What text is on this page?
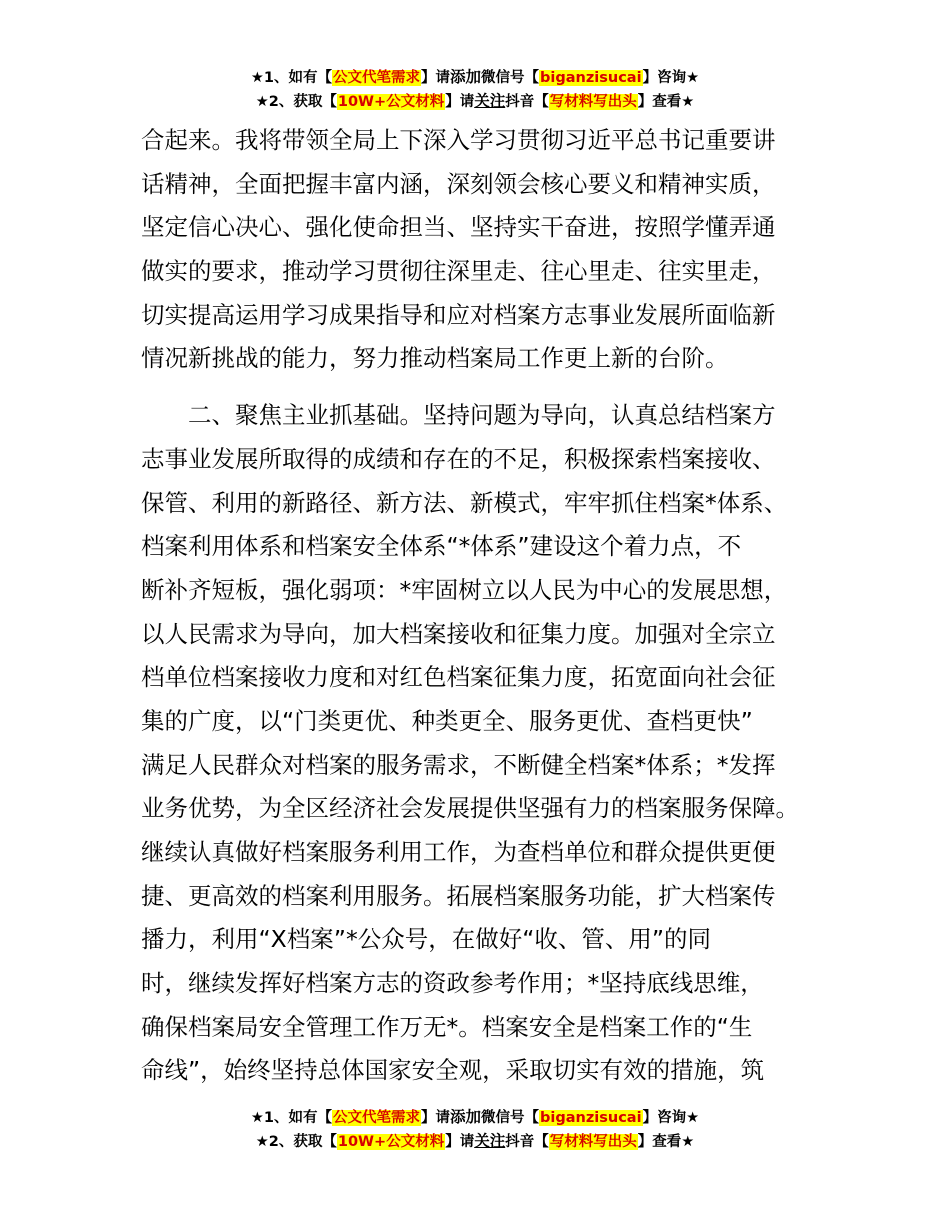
★1、如有【公文代笔需求】请添加微信号【biganzisucai】咨询★
★2、获取【10W+公文材料】请关注抖音【写材料写出头】查看★
合起来。我将带领全局上下深入学习贯彻习近平总书记重要讲
话精神，全面把握丰富内涵，深刻领会核心要义和精神实质，
坚定信心决心、强化使命担当、坚持实干奋进，按照学懂弄通
做实的要求，推动学习贯彻往深里走、往心里走、往实里走，
切实提高运用学习成果指导和应对档案方志事业发展所面临新
情况新挑战的能力，努力推动档案局工作更上新的台阶。
二、聚焦主业抓基础。坚持问题为导向，认真总结档案方
志事业发展所取得的成绩和存在的不足，积极探索档案接收、
保管、利用的新路径、新方法、新模式，牢牢抓住档案*体系、
档案利用体系和档案安全体系“*体系”建设这个着力点，不
断补齐短板，强化弱项：*牢固树立以人民为中心的发展思想，
以人民需求为导向，加大档案接收和征集力度。加强对全宗立
档单位档案接收力度和对红色档案征集力度，拓宽面向社会征
集的广度，以“门类更优、种类更全、服务更优、查档更快”
满足人民群众对档案的服务需求，不断健全档案*体系；*发挥
业务优势，为全区经济社会发展提供坚强有力的档案服务保障。
继续认真做好档案服务利用工作，为查档单位和群众提供更便
捷、更高效的档案利用服务。拓展档案服务功能，扩大档案传
播力，利用“X档案”*公众号，在做好“收、管、用”的同
时，继续发挥好档案方志的资政参考作用；*坚持底线思维，
确保档案局安全管理工作万无*。档案安全是档案工作的“生
命线”，始终坚持总体国家安全观，采取切实有效的措施，筑
★1、如有【公文代笔需求】请添加微信号【biganzisucai】咨询★
★2、获取【10W+公文材料】请关注抖音【写材料写出头】查看★
